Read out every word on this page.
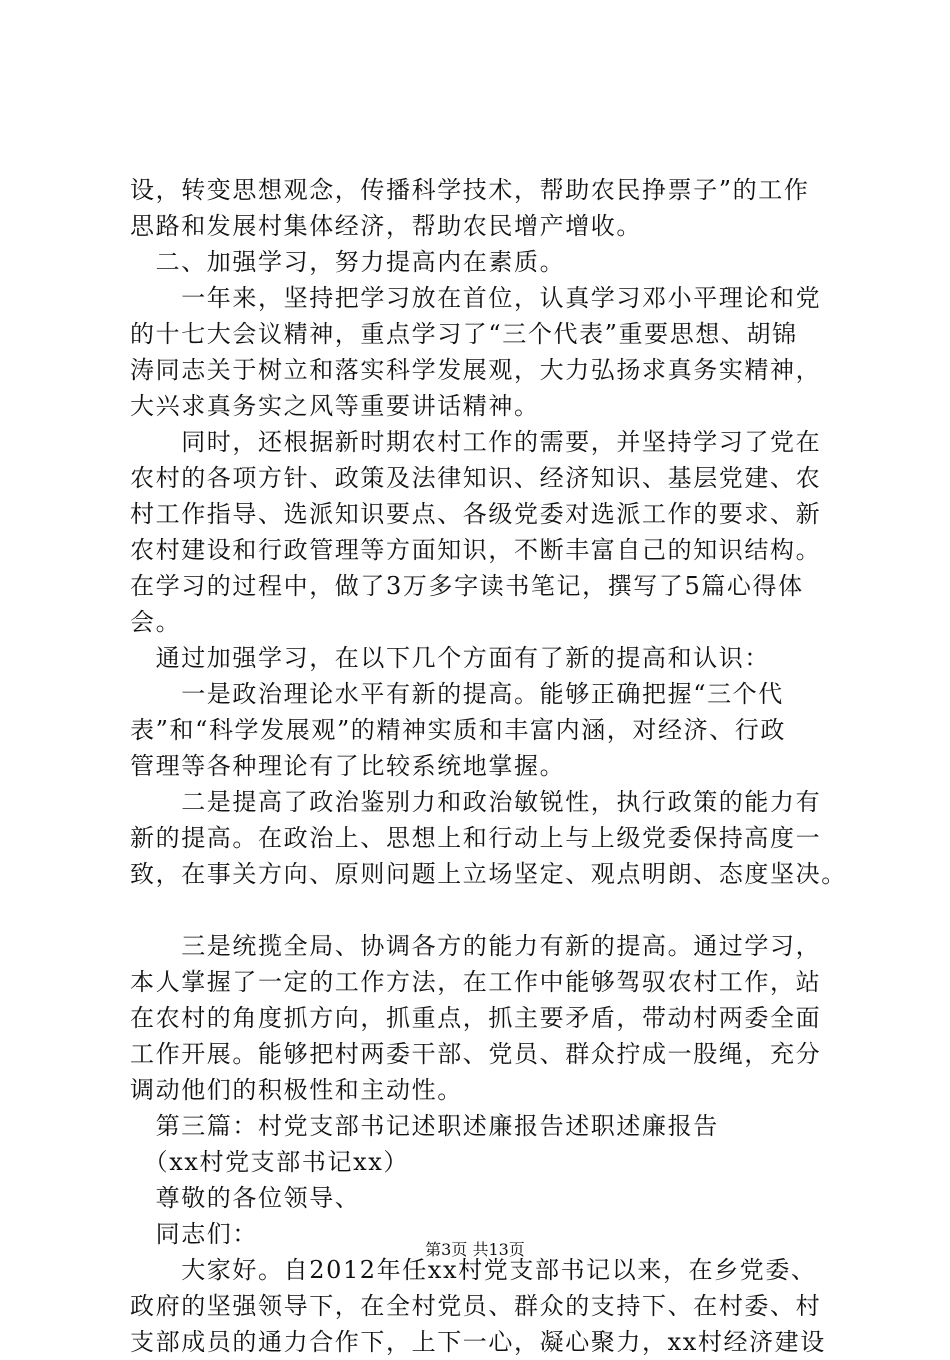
设，转变思想观念，传播科学技术，帮助农民挣票子”的工作
思路和发展村集体经济，帮助农民增产增收。
　二、加强学习，努力提高内在素质。
　　一年来，坚持把学习放在首位，认真学习邓小平理论和党
的十七大会议精神，重点学习了“三个代表”重要思想、胡锦
涛同志关于树立和落实科学发展观，大力弘扬求真务实精神，
大兴求真务实之风等重要讲话精神。
　　同时，还根据新时期农村工作的需要，并坚持学习了党在
农村的各项方针、政策及法律知识、经济知识、基层党建、农
村工作指导、选派知识要点、各级党委对选派工作的要求、新
农村建设和行政管理等方面知识，不断丰富自己的知识结构。
在学习的过程中，做了3万多字读书笔记，撰写了5篇心得体
会。
　通过加强学习，在以下几个方面有了新的提高和认识：
　　一是政治理论水平有新的提高。能够正确把握“三个代
表”和“科学发展观”的精神实质和丰富内涵，对经济、行政
管理等各种理论有了比较系统地掌握。
　　二是提高了政治鉴别力和政治敏锐性，执行政策的能力有
新的提高。在政治上、思想上和行动上与上级党委保持高度一
致，在事关方向、原则问题上立场坚定、观点明朗、态度坚决。
　　三是统揽全局、协调各方的能力有新的提高。通过学习，
本人掌握了一定的工作方法，在工作中能够驾驭农村工作，站
在农村的角度抓方向，抓重点，抓主要矛盾，带动村两委全面
工作开展。能够把村两委干部、党员、群众拧成一股绳，充分
调动他们的积极性和主动性。
　第三篇：村党支部书记述职述廉报告述职述廉报告
　（xx村党支部书记xx）
　尊敬的各位领导、
　同志们：
　　大家好。自2012年任xx村党支部书记以来，在乡党委、
政府的坚强领导下，在全村党员、群众的支持下、在村委、村
支部成员的通力合作下，上下一心，凝心聚力，xx村经济建设
第3页 共13页
